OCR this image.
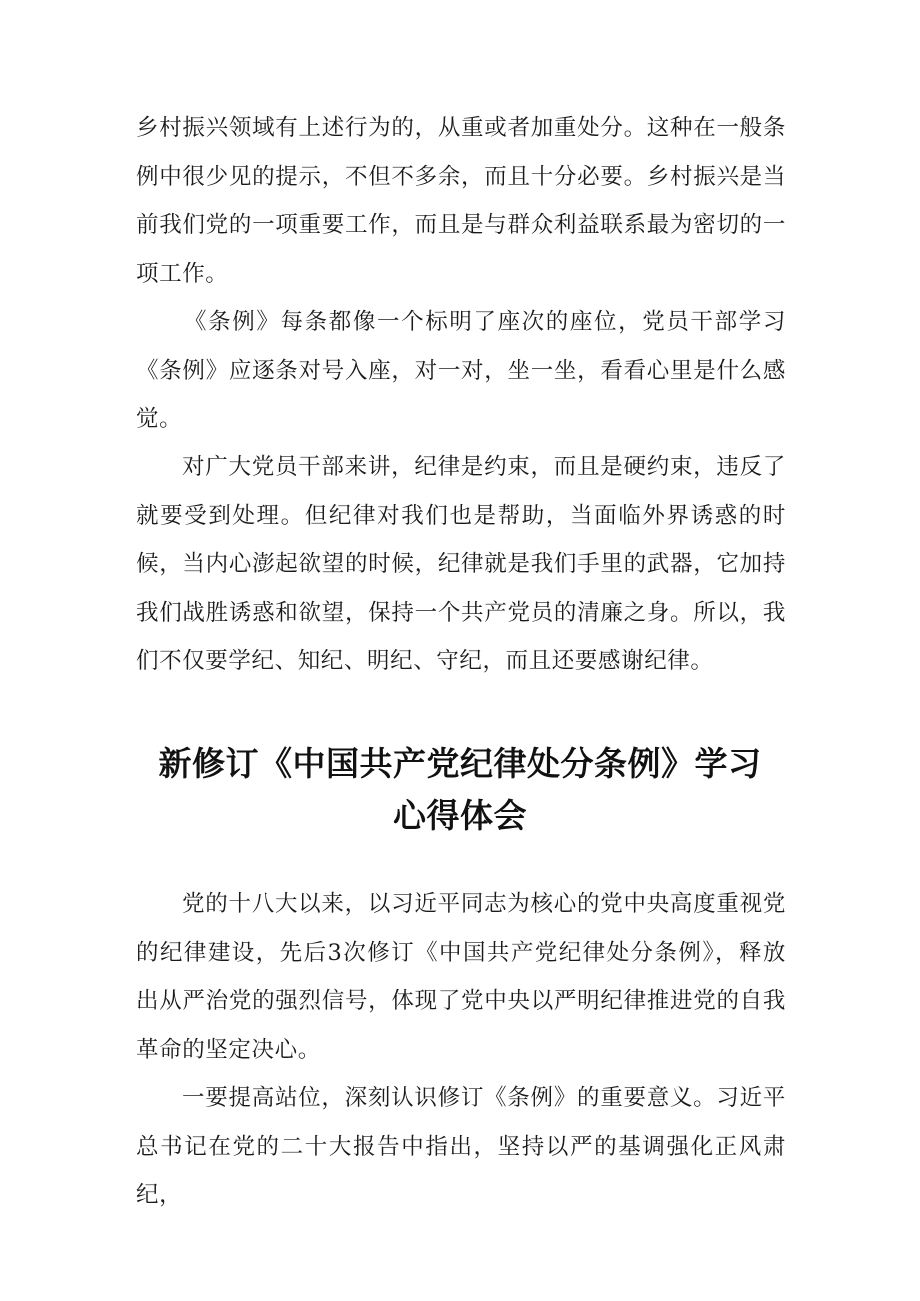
乡村振兴领域有上述行为的，从重或者加重处分。这种在一般条例中很少见的提示，不但不多余，而且十分必要。乡村振兴是当前我们党的一项重要工作，而且是与群众利益联系最为密切的一项工作。

《条例》每条都像一个标明了座次的座位，党员干部学习《条例》应逐条对号入座，对一对，坐一坐，看看心里是什么感觉。

对广大党员干部来讲，纪律是约束，而且是硬约束，违反了就要受到处理。但纪律对我们也是帮助，当面临外界诱惑的时候，当内心澎起欲望的时候，纪律就是我们手里的武器，它加持我们战胜诱惑和欲望，保持一个共产党员的清廉之身。所以，我们不仅要学纪、知纪、明纪、守纪，而且还要感谢纪律。

新修订《中国共产党纪律处分条例》学习
心得体会

党的十八大以来，以习近平同志为核心的党中央高度重视党的纪律建设，先后3次修订《中国共产党纪律处分条例》，释放出从严治党的强烈信号，体现了党中央以严明纪律推进党的自我革命的坚定决心。

一要提高站位，深刻认识修订《条例》的重要意义。习近平总书记在党的二十大报告中指出，坚持以严的基调强化正风肃纪，
